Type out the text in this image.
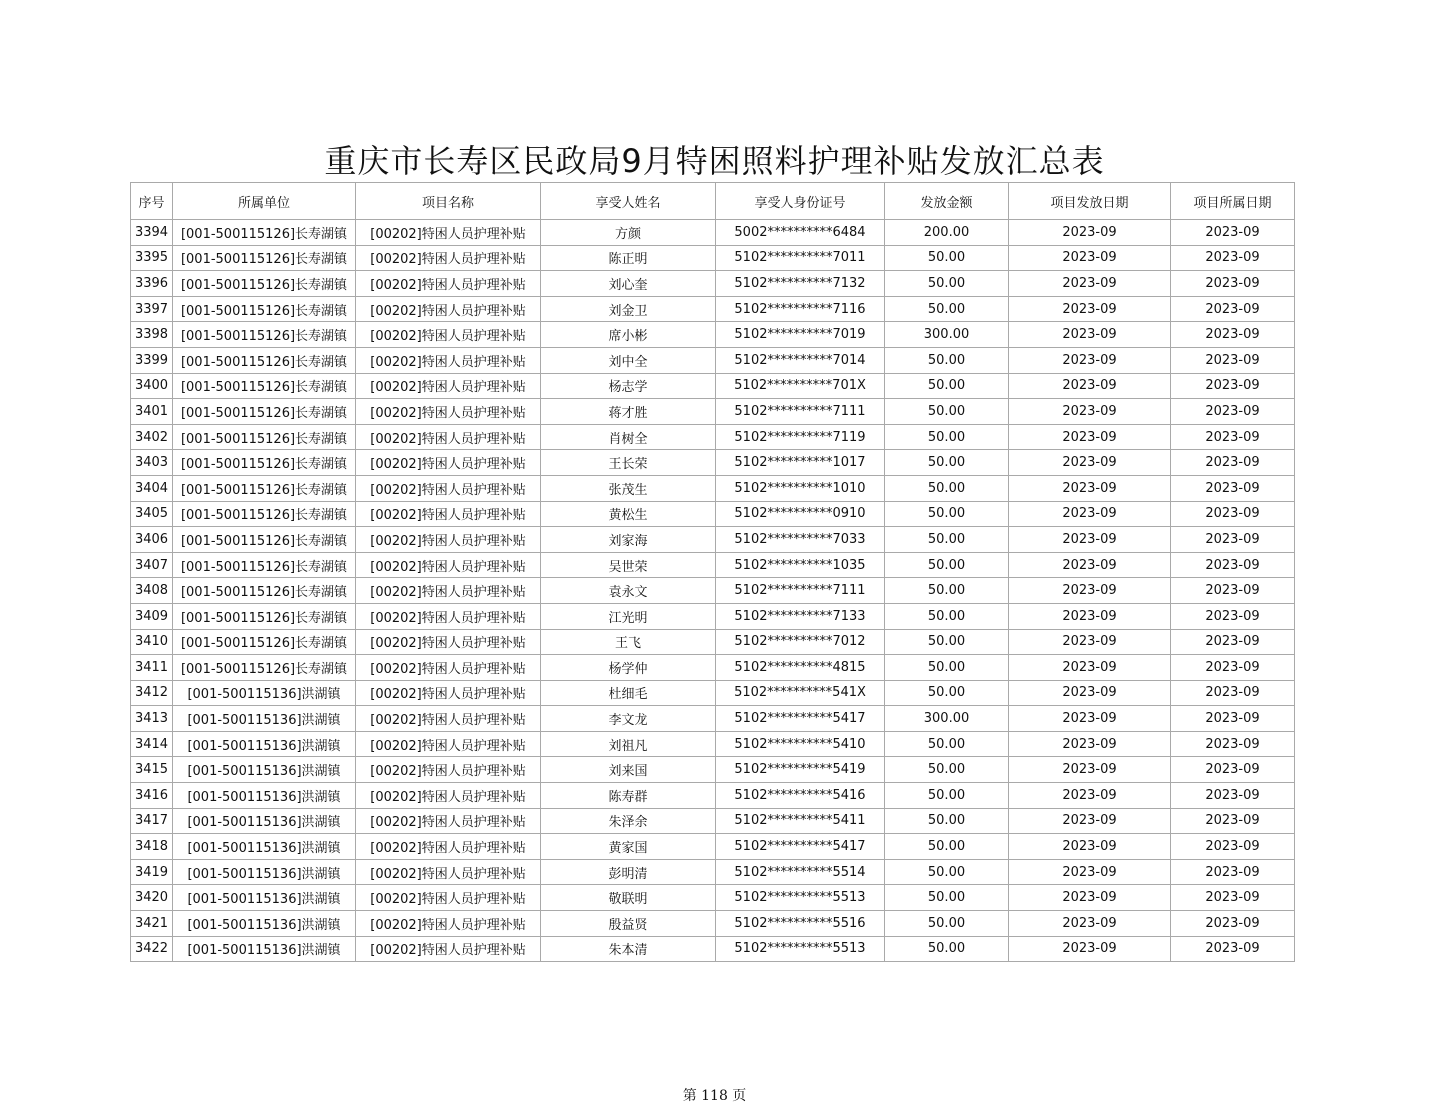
重庆市长寿区民政局9月特困照料护理补贴发放汇总表
序号	所属单位	项目名称	享受人姓名	享受人身份证号	发放金额	项目发放日期	项目所属日期
3394	[001-500115126]长寿湖镇	[00202]特困人员护理补贴	方颜	5002**********6484	200.00	2023-09	2023-09
3395	[001-500115126]长寿湖镇	[00202]特困人员护理补贴	陈正明	5102**********7011	50.00	2023-09	2023-09
3396	[001-500115126]长寿湖镇	[00202]特困人员护理补贴	刘心奎	5102**********7132	50.00	2023-09	2023-09
3397	[001-500115126]长寿湖镇	[00202]特困人员护理补贴	刘金卫	5102**********7116	50.00	2023-09	2023-09
3398	[001-500115126]长寿湖镇	[00202]特困人员护理补贴	席小彬	5102**********7019	300.00	2023-09	2023-09
3399	[001-500115126]长寿湖镇	[00202]特困人员护理补贴	刘中全	5102**********7014	50.00	2023-09	2023-09
3400	[001-500115126]长寿湖镇	[00202]特困人员护理补贴	杨志学	5102**********701X	50.00	2023-09	2023-09
3401	[001-500115126]长寿湖镇	[00202]特困人员护理补贴	蒋才胜	5102**********7111	50.00	2023-09	2023-09
3402	[001-500115126]长寿湖镇	[00202]特困人员护理补贴	肖树全	5102**********7119	50.00	2023-09	2023-09
3403	[001-500115126]长寿湖镇	[00202]特困人员护理补贴	王长荣	5102**********1017	50.00	2023-09	2023-09
3404	[001-500115126]长寿湖镇	[00202]特困人员护理补贴	张茂生	5102**********1010	50.00	2023-09	2023-09
3405	[001-500115126]长寿湖镇	[00202]特困人员护理补贴	黄松生	5102**********0910	50.00	2023-09	2023-09
3406	[001-500115126]长寿湖镇	[00202]特困人员护理补贴	刘家海	5102**********7033	50.00	2023-09	2023-09
3407	[001-500115126]长寿湖镇	[00202]特困人员护理补贴	吴世荣	5102**********1035	50.00	2023-09	2023-09
3408	[001-500115126]长寿湖镇	[00202]特困人员护理补贴	袁永文	5102**********7111	50.00	2023-09	2023-09
3409	[001-500115126]长寿湖镇	[00202]特困人员护理补贴	江光明	5102**********7133	50.00	2023-09	2023-09
3410	[001-500115126]长寿湖镇	[00202]特困人员护理补贴	王飞	5102**********7012	50.00	2023-09	2023-09
3411	[001-500115126]长寿湖镇	[00202]特困人员护理补贴	杨学仲	5102**********4815	50.00	2023-09	2023-09
3412	[001-500115136]洪湖镇	[00202]特困人员护理补贴	杜细毛	5102**********541X	50.00	2023-09	2023-09
3413	[001-500115136]洪湖镇	[00202]特困人员护理补贴	李文龙	5102**********5417	300.00	2023-09	2023-09
3414	[001-500115136]洪湖镇	[00202]特困人员护理补贴	刘祖凡	5102**********5410	50.00	2023-09	2023-09
3415	[001-500115136]洪湖镇	[00202]特困人员护理补贴	刘来国	5102**********5419	50.00	2023-09	2023-09
3416	[001-500115136]洪湖镇	[00202]特困人员护理补贴	陈寿群	5102**********5416	50.00	2023-09	2023-09
3417	[001-500115136]洪湖镇	[00202]特困人员护理补贴	朱泽余	5102**********5411	50.00	2023-09	2023-09
3418	[001-500115136]洪湖镇	[00202]特困人员护理补贴	黄家国	5102**********5417	50.00	2023-09	2023-09
3419	[001-500115136]洪湖镇	[00202]特困人员护理补贴	彭明清	5102**********5514	50.00	2023-09	2023-09
3420	[001-500115136]洪湖镇	[00202]特困人员护理补贴	敬联明	5102**********5513	50.00	2023-09	2023-09
3421	[001-500115136]洪湖镇	[00202]特困人员护理补贴	殷益贤	5102**********5516	50.00	2023-09	2023-09
3422	[001-500115136]洪湖镇	[00202]特困人员护理补贴	朱本清	5102**********5513	50.00	2023-09	2023-09
第 118 页
